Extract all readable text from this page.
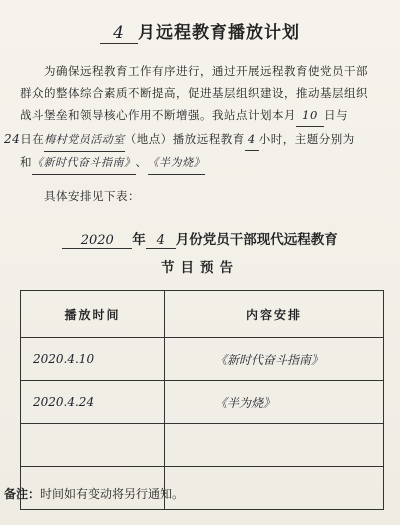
4 月远程教育播放计划
为确保远程教育工作有序进行，通过开展远程教育使党员干部
群众的整体综合素质不断提高，促进基层组织建设，推动基层组织
战斗堡垒和领导核心作用不断增强。我站点计划本月 10 日与
24日在梅村党员活动室（地点）播放远程教育 4 小时，主题分别为
和《新时代奋斗指南》、《半为烧》
具体安排见下表：
2020 年 4 月份党员干部现代远程教育
节目预告
播放时间	内容安排
2020.4.10	《新时代奋斗指南》
2020.4.24	《半为烧》

备注：时间如有变动将另行通知。
